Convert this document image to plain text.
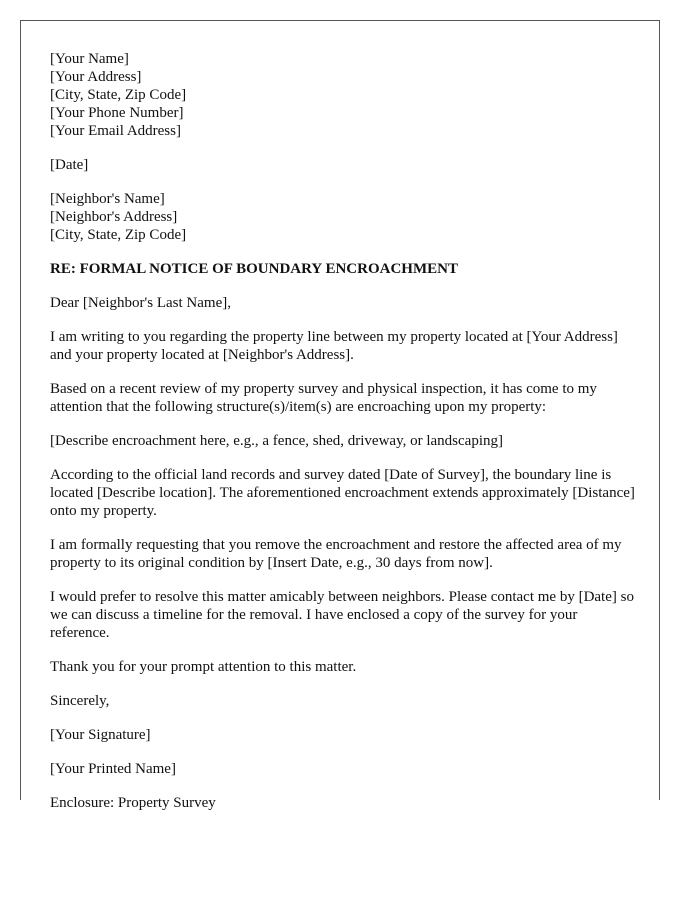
[Your Name]
[Your Address]
[City, State, Zip Code]
[Your Phone Number]
[Your Email Address]
[Date]
[Neighbor's Name]
[Neighbor's Address]
[City, State, Zip Code]
RE: FORMAL NOTICE OF BOUNDARY ENCROACHMENT
Dear [Neighbor's Last Name],
I am writing to you regarding the property line between my property located at [Your Address] and your property located at [Neighbor's Address].
Based on a recent review of my property survey and physical inspection, it has come to my attention that the following structure(s)/item(s) are encroaching upon my property:
[Describe encroachment here, e.g., a fence, shed, driveway, or landscaping]
According to the official land records and survey dated [Date of Survey], the boundary line is located [Describe location]. The aforementioned encroachment extends approximately [Distance] onto my property.
I am formally requesting that you remove the encroachment and restore the affected area of my property to its original condition by [Insert Date, e.g., 30 days from now].
I would prefer to resolve this matter amicably between neighbors. Please contact me by [Date] so we can discuss a timeline for the removal. I have enclosed a copy of the survey for your reference.
Thank you for your prompt attention to this matter.
Sincerely,
[Your Signature]
[Your Printed Name]
Enclosure: Property Survey
